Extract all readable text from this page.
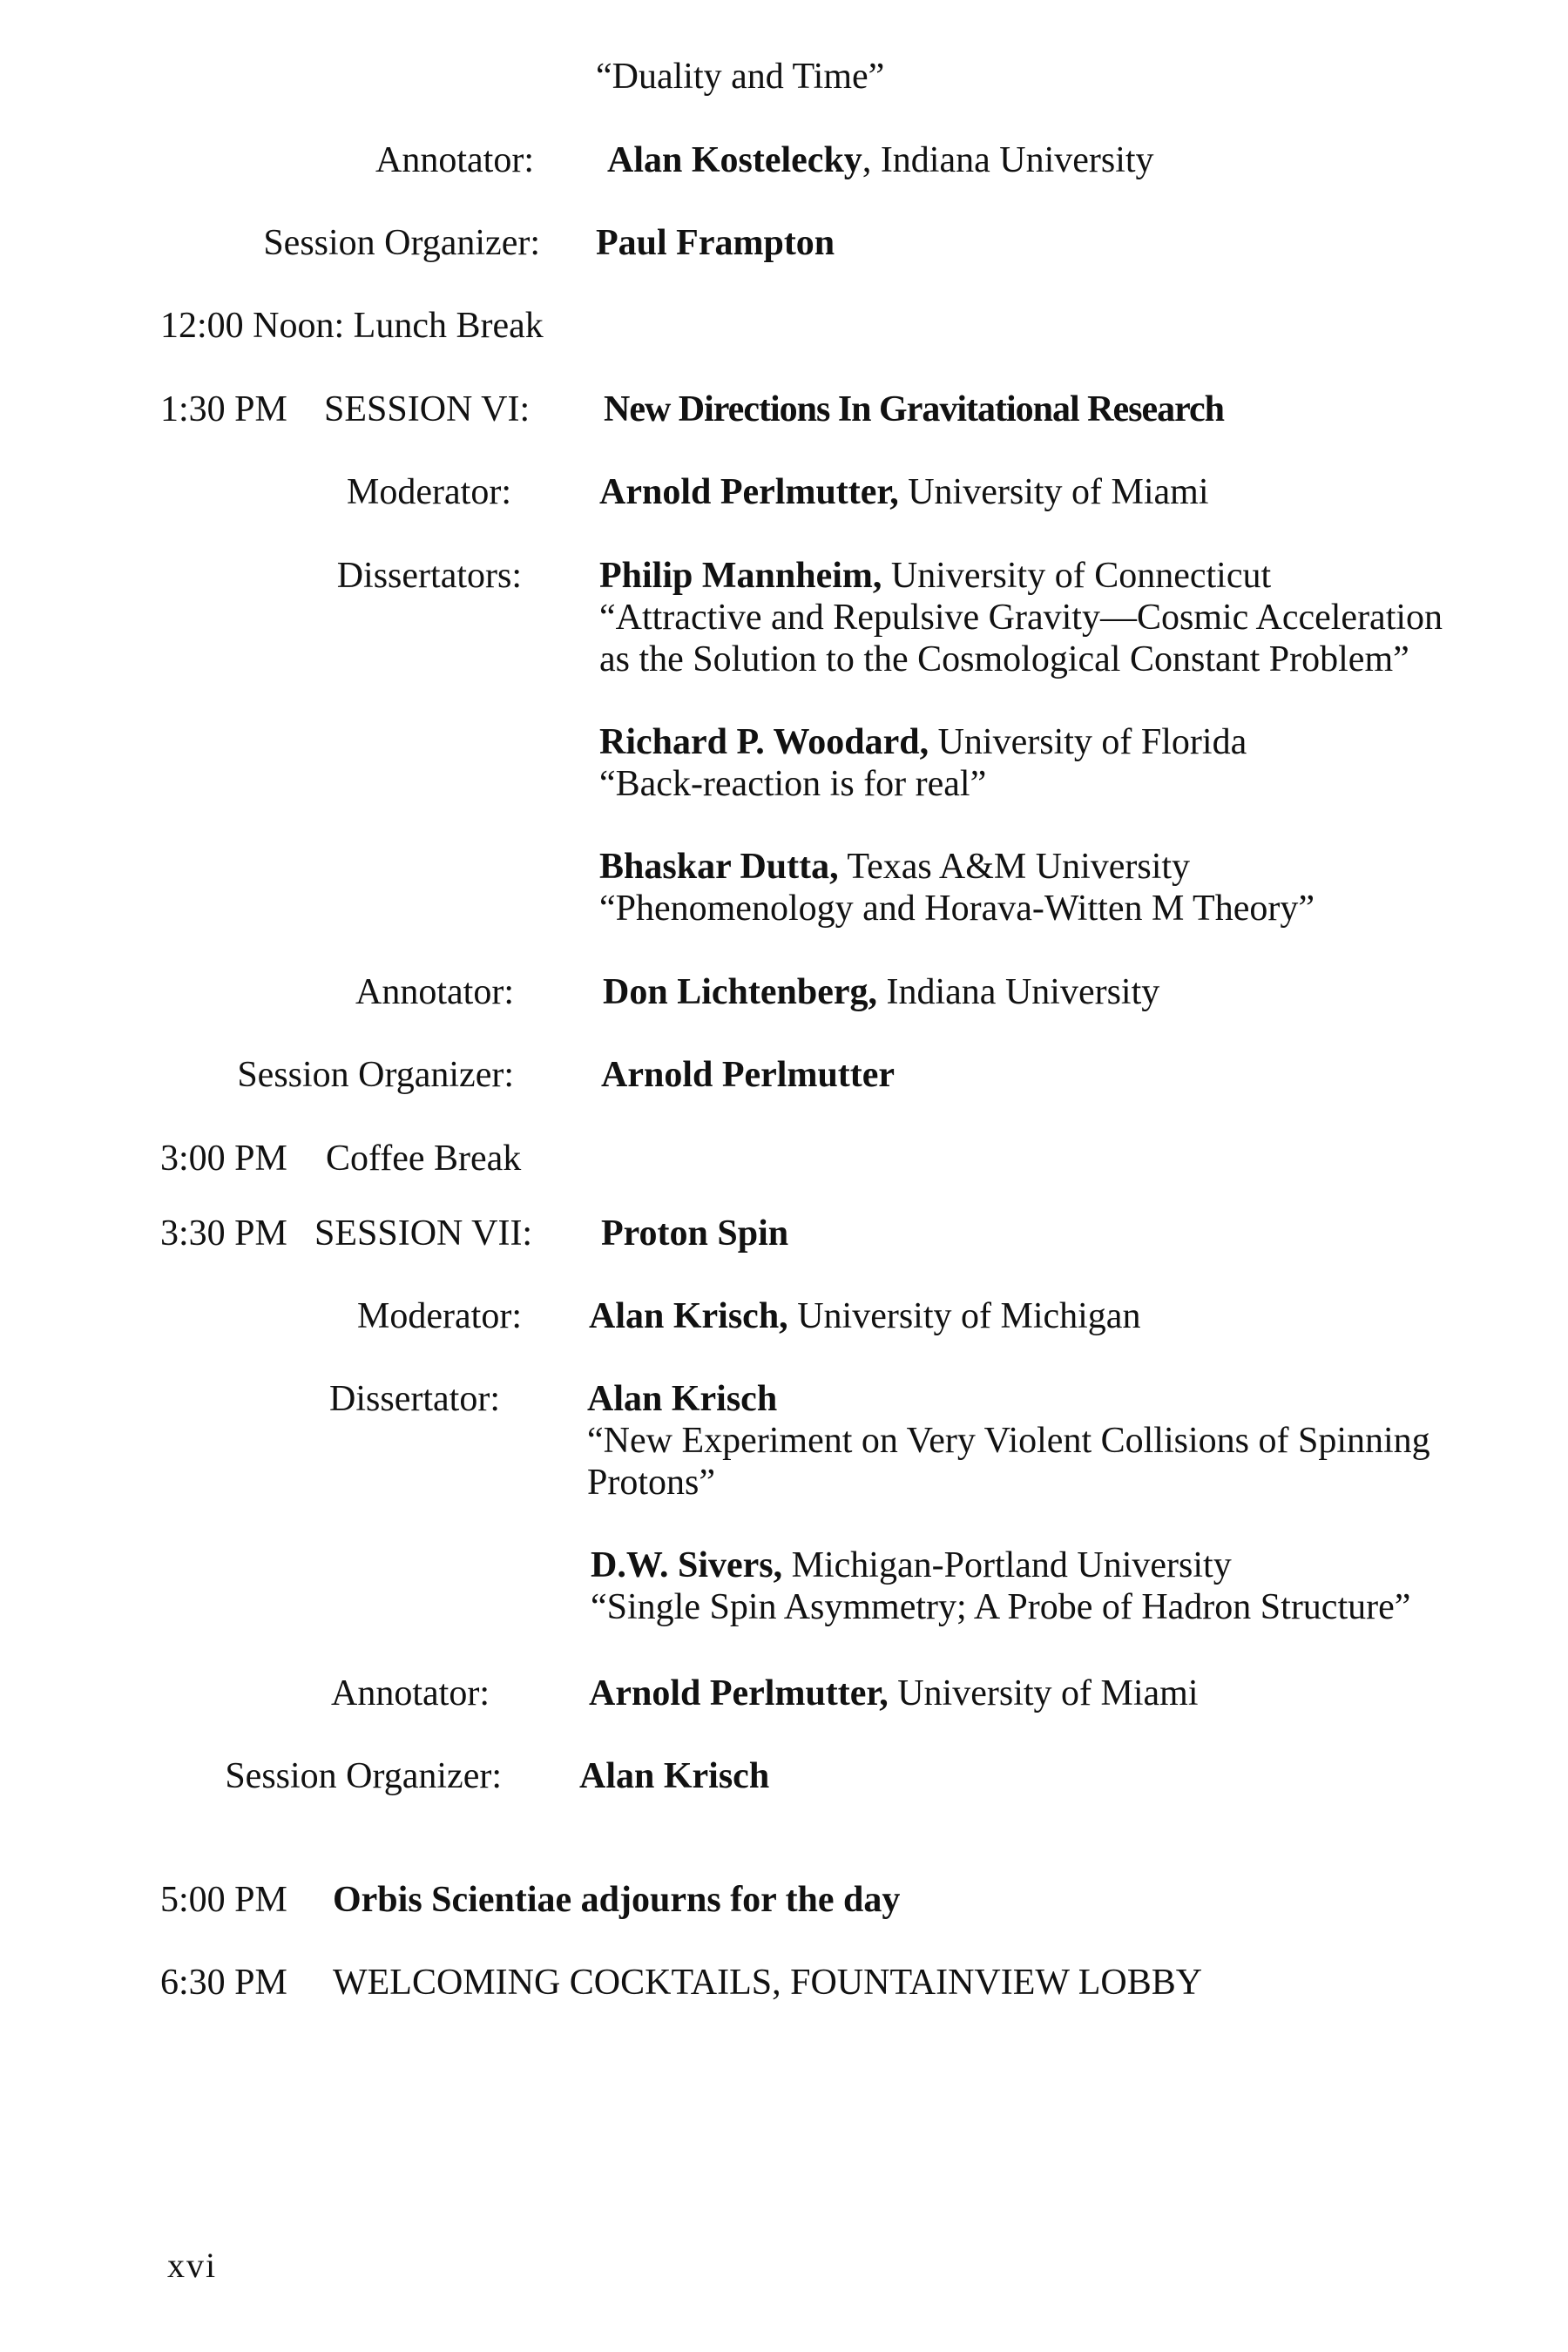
“Duality and Time”
Annotator: Alan Kostelecky, Indiana University
Session Organizer: Paul Frampton
12:00 Noon: Lunch Break
1:30 PM SESSION VI: New Directions In Gravitational Research
Moderator: Arnold Perlmutter, University of Miami
Dissertators: Philip Mannheim, University of Connecticut
“Attractive and Repulsive Gravity—Cosmic Acceleration
as the Solution to the Cosmological Constant Problem”
Richard P. Woodard, University of Florida
“Back-reaction is for real”
Bhaskar Dutta, Texas A&M University
“Phenomenology and Horava-Witten M Theory”
Annotator: Don Lichtenberg, Indiana University
Session Organizer: Arnold Perlmutter
3:00 PM Coffee Break
3:30 PM SESSION VII: Proton Spin
Moderator: Alan Krisch, University of Michigan
Dissertator: Alan Krisch
“New Experiment on Very Violent Collisions of Spinning
Protons”
D.W. Sivers, Michigan-Portland University
“Single Spin Asymmetry; A Probe of Hadron Structure”
Annotator:	Arnold Perlmutter, University of Miami
Session Organizer: Alan Krisch
5:00 PM Orbis Scientiae adjourns for the day
6:30 PM WELCOMING COCKTAILS, FOUNTAINVIEW LOBBY
xvi
